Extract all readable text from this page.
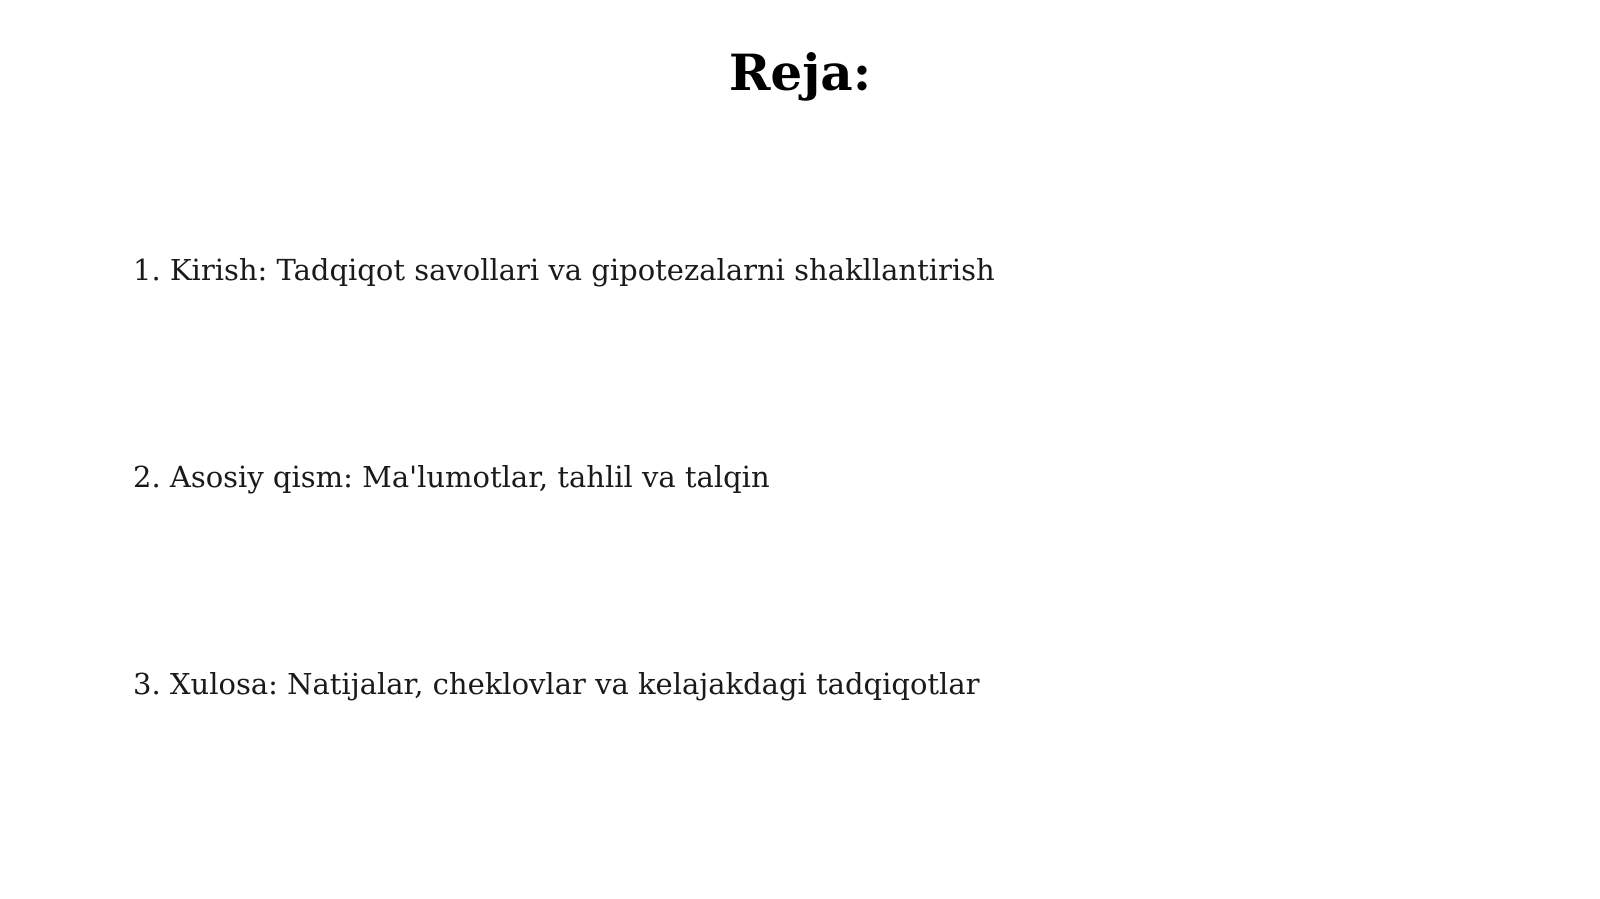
Reja:

1. Kirish: Tadqiqot savollari va gipotezalarni shakllantirish

2. Asosiy qism: Ma'lumotlar, tahlil va talqin

3. Xulosa: Natijalar, cheklovlar va kelajakdagi tadqiqotlar
